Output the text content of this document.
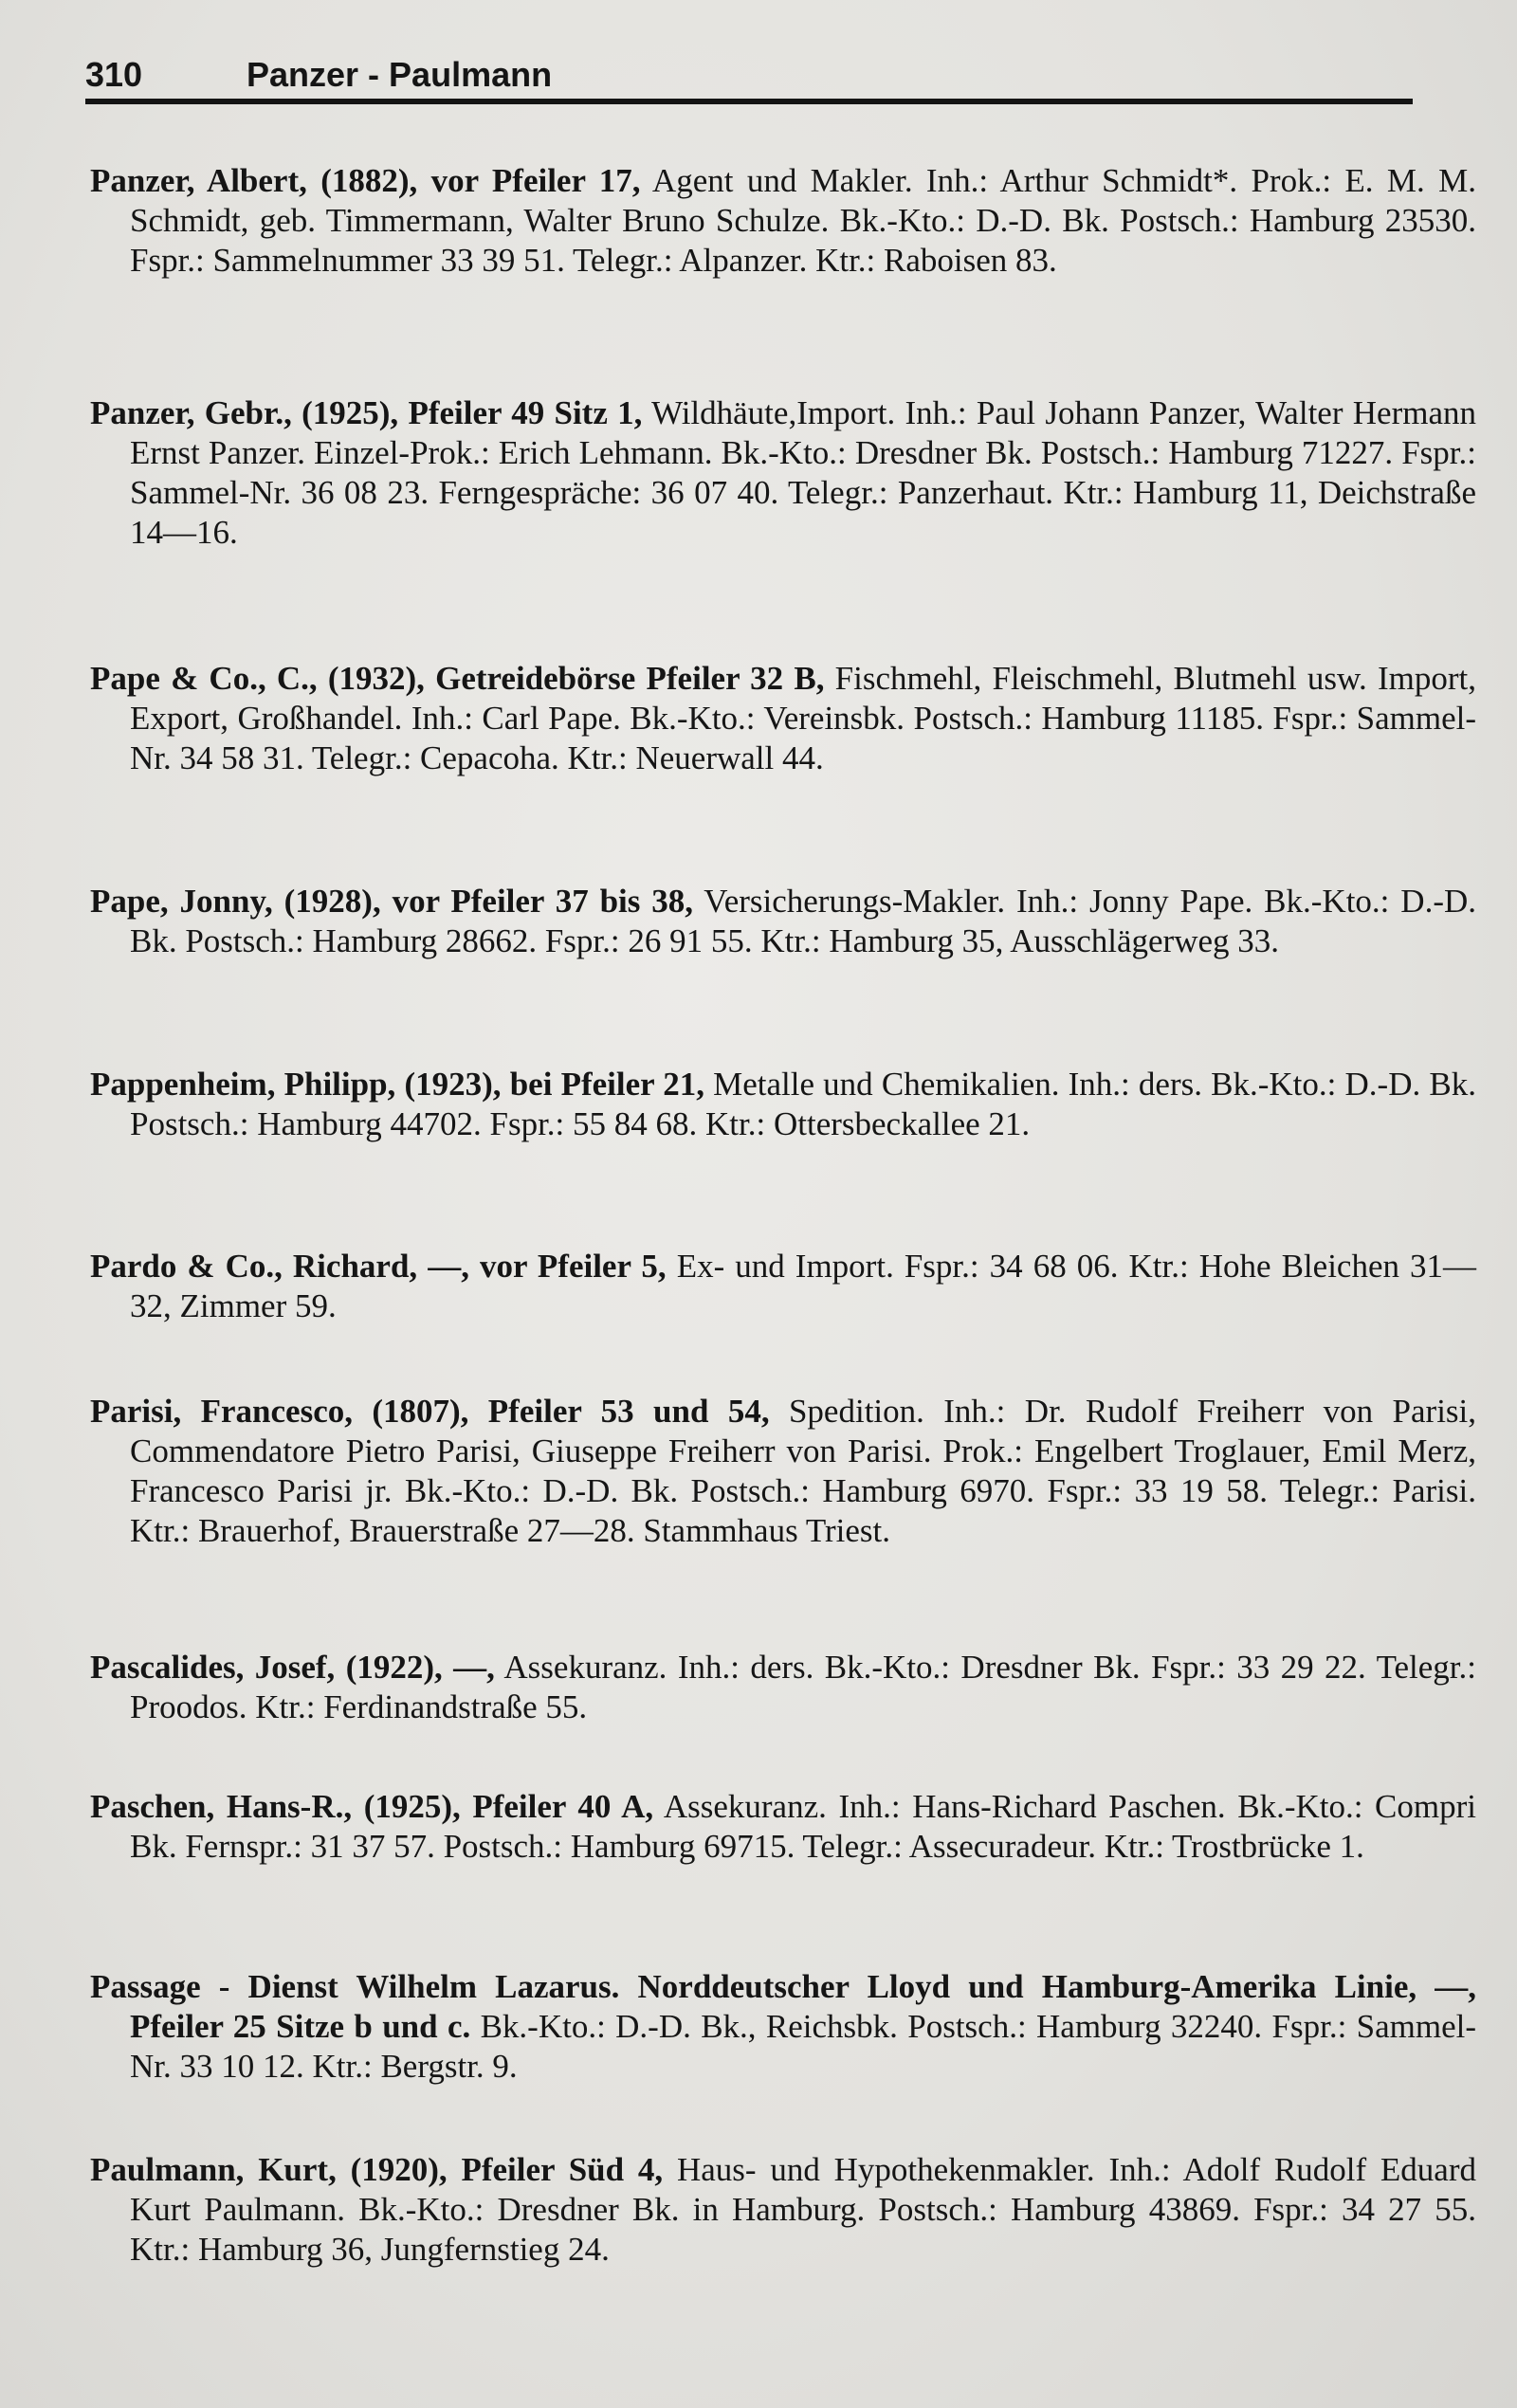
310	Panzer - Paulmann

Panzer, Albert, (1882), vor Pfeiler 17, Agent und Makler. Inh.: Arthur Schmidt*. Prok.: E. M. M. Schmidt, geb. Timmermann, Walter Bruno Schulze. Bk.-Kto.: D.-D. Bk. Postsch.: Hamburg 23530. Fspr.: Sammelnummer 33 39 51. Telegr.: Alpanzer. Ktr.: Raboisen 83.

Panzer, Gebr., (1925), Pfeiler 49 Sitz 1, Wildhäute,Import. Inh.: Paul Johann Panzer, Walter Hermann Ernst Panzer. Einzel-Prok.: Erich Lehmann. Bk.-Kto.: Dresdner Bk. Postsch.: Hamburg 71227. Fspr.: Sammel-Nr. 36 08 23. Ferngespräche: 36 07 40. Telegr.: Panzerhaut. Ktr.: Hamburg 11, Deichstraße 14—16.

Pape & Co., C., (1932), Getreidebörse Pfeiler 32 B, Fischmehl, Fleischmehl, Blutmehl usw. Import, Export, Großhandel. Inh.: Carl Pape. Bk.-Kto.: Vereinsbk. Postsch.: Hamburg 11185. Fspr.: Sammel-Nr. 34 58 31. Telegr.: Cepacoha. Ktr.: Neuerwall 44.

Pape, Jonny, (1928), vor Pfeiler 37 bis 38, Versicherungs-Makler. Inh.: Jonny Pape. Bk.-Kto.: D.-D. Bk. Postsch.: Hamburg 28662. Fspr.: 26 91 55. Ktr.: Hamburg 35, Ausschlägerweg 33.

Pappenheim, Philipp, (1923), bei Pfeiler 21, Metalle und Chemikalien. Inh.: ders. Bk.-Kto.: D.-D. Bk. Postsch.: Hamburg 44702. Fspr.: 55 84 68. Ktr.: Ottersbeckallee 21.

Pardo & Co., Richard, —, vor Pfeiler 5, Ex- und Import. Fspr.: 34 68 06. Ktr.: Hohe Bleichen 31—32, Zimmer 59.

Parisi, Francesco, (1807), Pfeiler 53 und 54, Spedition. Inh.: Dr. Rudolf Freiherr von Parisi, Commendatore Pietro Parisi, Giuseppe Freiherr von Parisi. Prok.: Engelbert Troglauer, Emil Merz, Francesco Parisi jr. Bk.-Kto.: D.-D. Bk. Postsch.: Hamburg 6970. Fspr.: 33 19 58. Telegr.: Parisi. Ktr.: Brauerhof, Brauerstraße 27—28. Stammhaus Triest.

Pascalides, Josef, (1922), —, Assekuranz. Inh.: ders. Bk.-Kto.: Dresdner Bk. Fspr.: 33 29 22. Telegr.: Proodos. Ktr.: Ferdinandstraße 55.

Paschen, Hans-R., (1925), Pfeiler 40 A, Assekuranz. Inh.: Hans-Richard Paschen. Bk.-Kto.: Compri Bk. Fernspr.: 31 37 57. Postsch.: Hamburg 69715. Telegr.: Assecuradeur. Ktr.: Trostbrücke 1.

Passage - Dienst Wilhelm Lazarus. Norddeutscher Lloyd und Hamburg-Amerika Linie, —, Pfeiler 25 Sitze b und c. Bk.-Kto.: D.-D. Bk., Reichsbk. Postsch.: Hamburg 32240. Fspr.: Sammel-Nr. 33 10 12. Ktr.: Bergstr. 9.

Paulmann, Kurt, (1920), Pfeiler Süd 4, Haus- und Hypothekenmakler. Inh.: Adolf Rudolf Eduard Kurt Paulmann. Bk.-Kto.: Dresdner Bk. in Hamburg. Postsch.: Hamburg 43869. Fspr.: 34 27 55. Ktr.: Hamburg 36, Jungfernstieg 24.
